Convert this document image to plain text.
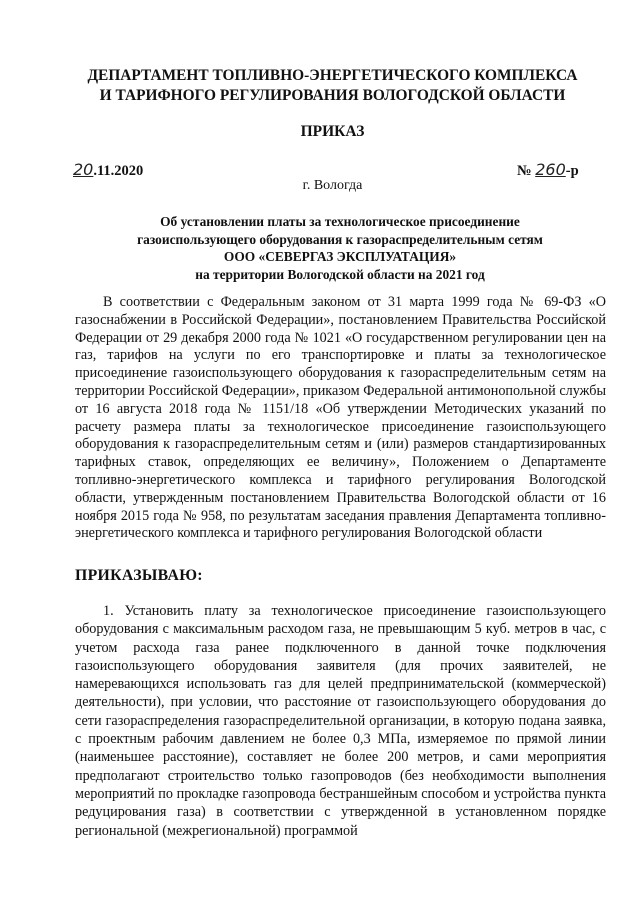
ДЕПАРТАМЕНТ ТОПЛИВНО-ЭНЕРГЕТИЧЕСКОГО КОМПЛЕКСА
И ТАРИФНОГО РЕГУЛИРОВАНИЯ ВОЛОГОДСКОЙ ОБЛАСТИ
ПРИКАЗ
20.11.2020	№ 260-р
г. Вологда
Об установлении платы за технологическое присоединение
газоиспользующего оборудования к газораспределительным сетям
ООО «СЕВЕРГАЗ ЭКСПЛУАТАЦИЯ»
на территории Вологодской области на 2021 год

В соответствии с Федеральным законом от 31 марта 1999 года № 69-ФЗ «О газоснабжении в Российской Федерации», постановлением Правительства Российской Федерации от 29 декабря 2000 года № 1021 «О государственном регулировании цен на газ, тарифов на услуги по его транспортировке и платы за технологическое присоединение газоиспользующего оборудования к газораспределительным сетям на территории Российской Федерации», приказом Федеральной антимонопольной службы от 16 августа 2018 года № 1151/18 «Об утверждении Методических указаний по расчету размера платы за технологическое присоединение газоиспользующего оборудования к газораспределительным сетям и (или) размеров стандартизированных тарифных ставок, определяющих ее величину», Положением о Департаменте топливно-энергетического комплекса и тарифного регулирования Вологодской области, утвержденным постановлением Правительства Вологодской области от 16 ноября 2015 года № 958, по результатам заседания правления Департамента топливно-энергетического комплекса и тарифного регулирования Вологодской области

ПРИКАЗЫВАЮ:

1. Установить плату за технологическое присоединение газоиспользующего оборудования с максимальным расходом газа, не превышающим 5 куб. метров в час, с учетом расхода газа ранее подключенного в данной точке подключения газоиспользующего оборудования заявителя (для прочих заявителей, не намеревающихся использовать газ для целей предпринимательской (коммерческой) деятельности), при условии, что расстояние от газоиспользующего оборудования до сети газораспределения газораспределительной организации, в которую подана заявка, с проектным рабочим давлением не более 0,3 МПа, измеряемое по прямой линии (наименьшее расстояние), составляет не более 200 метров, и сами мероприятия предполагают строительство только газопроводов (без необходимости выполнения мероприятий по прокладке газопровода бестраншейным способом и устройства пункта редуцирования газа) в соответствии с утвержденной в установленном порядке региональной (межрегиональной) программой
